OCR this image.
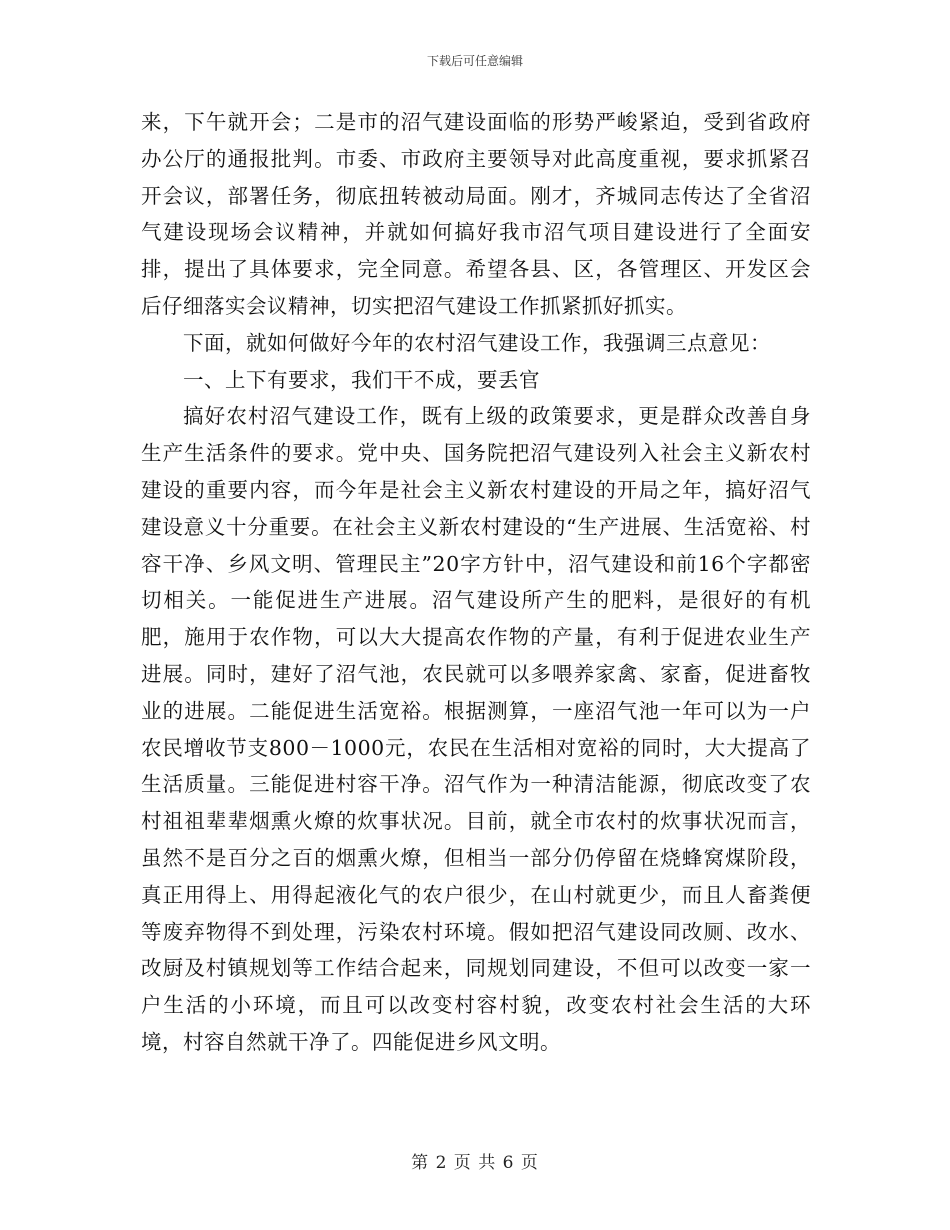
下载后可任意编辑

来，下午就开会；二是市的沼气建设面临的形势严峻紧迫，受到省政府办公厅的通报批判。市委、市政府主要领导对此高度重视，要求抓紧召开会议，部署任务，彻底扭转被动局面。刚才，齐城同志传达了全省沼气建设现场会议精神，并就如何搞好我市沼气项目建设进行了全面安排，提出了具体要求，完全同意。希望各县、区，各管理区、开发区会后仔细落实会议精神，切实把沼气建设工作抓紧抓好抓实。

下面，就如何做好今年的农村沼气建设工作，我强调三点意见：

一、上下有要求，我们干不成，要丢官

搞好农村沼气建设工作，既有上级的政策要求，更是群众改善自身生产生活条件的要求。党中央、国务院把沼气建设列入社会主义新农村建设的重要内容，而今年是社会主义新农村建设的开局之年，搞好沼气建设意义十分重要。在社会主义新农村建设的“生产进展、生活宽裕、村容干净、乡风文明、管理民主”20字方针中，沼气建设和前16个字都密切相关。一能促进生产进展。沼气建设所产生的肥料，是很好的有机肥，施用于农作物，可以大大提高农作物的产量，有利于促进农业生产进展。同时，建好了沼气池，农民就可以多喂养家禽、家畜，促进畜牧业的进展。二能促进生活宽裕。根据测算，一座沼气池一年可以为一户农民增收节支800－1000元，农民在生活相对宽裕的同时，大大提高了生活质量。三能促进村容干净。沼气作为一种清洁能源，彻底改变了农村祖祖辈辈烟熏火燎的炊事状况。目前，就全市农村的炊事状况而言，虽然不是百分之百的烟熏火燎，但相当一部分仍停留在烧蜂窝煤阶段，真正用得上、用得起液化气的农户很少，在山村就更少，而且人畜粪便等废弃物得不到处理，污染农村环境。假如把沼气建设同改厕、改水、改厨及村镇规划等工作结合起来，同规划同建设，不但可以改变一家一户生活的小环境，而且可以改变村容村貌，改变农村社会生活的大环境，村容自然就干净了。四能促进乡风文明。

第 2 页 共 6 页
